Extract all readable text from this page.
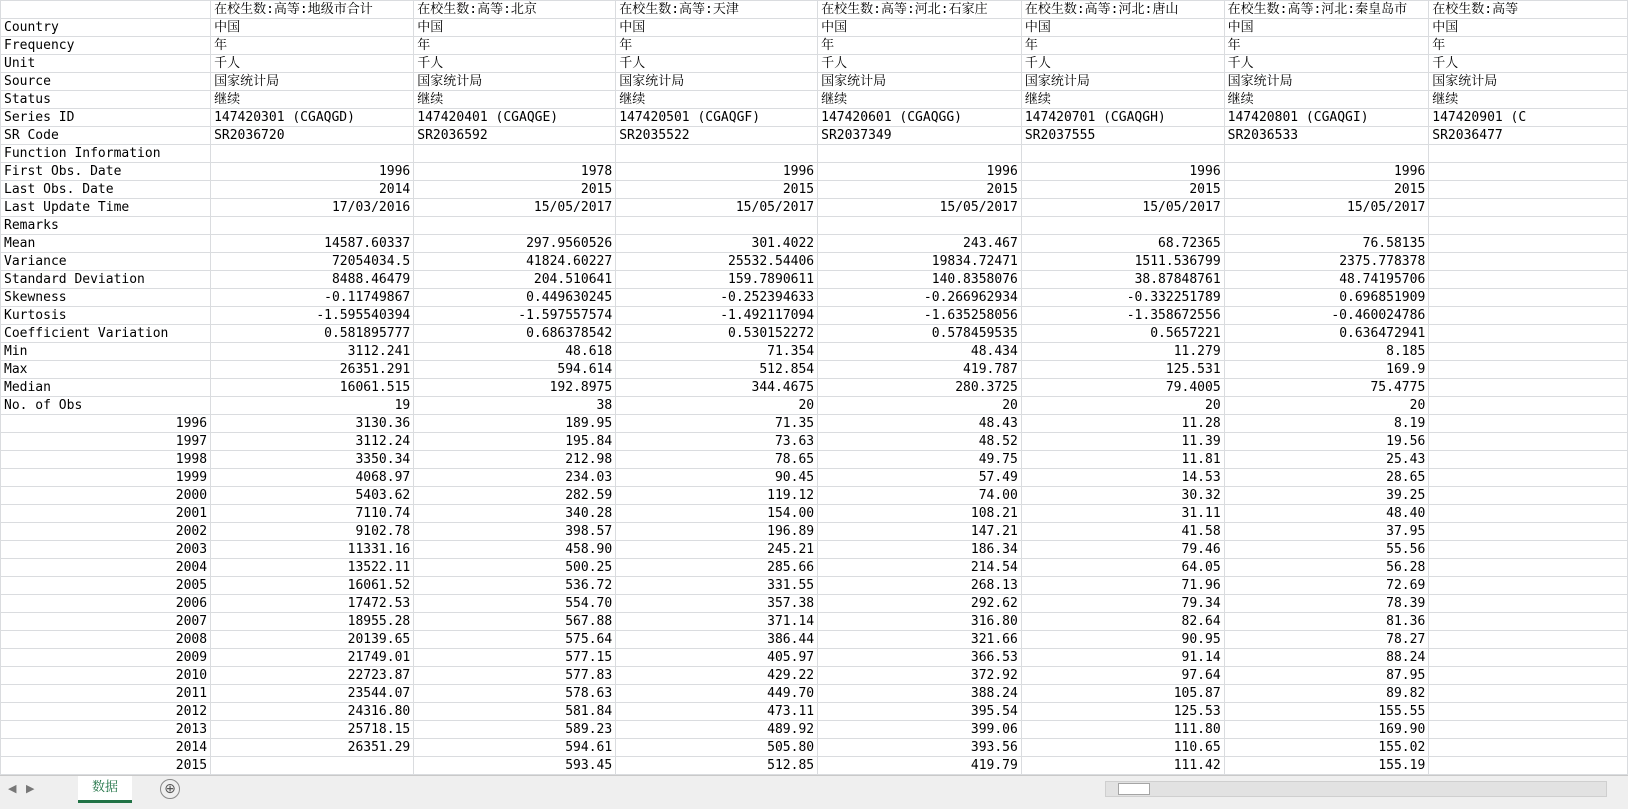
	在校生数:高等:地级市合计	在校生数:高等:北京	在校生数:高等:天津	在校生数:高等:河北:石家庄	在校生数:高等:河北:唐山	在校生数:高等:河北:秦皇岛市	在校生数:高等
Country	中国	中国	中国	中国	中国	中国	中国
Frequency	年	年	年	年	年	年	年
Unit	千人	千人	千人	千人	千人	千人	千人
Source	国家统计局	国家统计局	国家统计局	国家统计局	国家统计局	国家统计局	国家统计局
Status	继续	继续	继续	继续	继续	继续	继续
Series ID	147420301 (CGAQGD)	147420401 (CGAQGE)	147420501 (CGAQGF)	147420601 (CGAQGG)	147420701 (CGAQGH)	147420801 (CGAQGI)	147420901 (C
SR Code	SR2036720	SR2036592	SR2035522	SR2037349	SR2037555	SR2036533	SR2036477
Function Information							
First Obs. Date	1996	1978	1996	1996	1996	1996	
Last Obs. Date	2014	2015	2015	2015	2015	2015	
Last Update Time	17/03/2016	15/05/2017	15/05/2017	15/05/2017	15/05/2017	15/05/2017	
Remarks							
Mean	14587.60337	297.9560526	301.4022	243.467	68.72365	76.58135	
Variance	72054034.5	41824.60227	25532.54406	19834.72471	1511.536799	2375.778378	
Standard Deviation	8488.46479	204.510641	159.7890611	140.8358076	38.87848761	48.74195706	
Skewness	-0.11749867	0.449630245	-0.252394633	-0.266962934	-0.332251789	0.696851909	
Kurtosis	-1.595540394	-1.597557574	-1.492117094	-1.635258056	-1.358672556	-0.460024786	
Coefficient Variation	0.581895777	0.686378542	0.530152272	0.578459535	0.5657221	0.636472941	
Min	3112.241	48.618	71.354	48.434	11.279	8.185	
Max	26351.291	594.614	512.854	419.787	125.531	169.9	
Median	16061.515	192.8975	344.4675	280.3725	79.4005	75.4775	
No. of Obs	19	38	20	20	20	20	
1996	3130.36	189.95	71.35	48.43	11.28	8.19	
1997	3112.24	195.84	73.63	48.52	11.39	19.56	
1998	3350.34	212.98	78.65	49.75	11.81	25.43	
1999	4068.97	234.03	90.45	57.49	14.53	28.65	
2000	5403.62	282.59	119.12	74.00	30.32	39.25	
2001	7110.74	340.28	154.00	108.21	31.11	48.40	
2002	9102.78	398.57	196.89	147.21	41.58	37.95	
2003	11331.16	458.90	245.21	186.34	79.46	55.56	
2004	13522.11	500.25	285.66	214.54	64.05	56.28	
2005	16061.52	536.72	331.55	268.13	71.96	72.69	
2006	17472.53	554.70	357.38	292.62	79.34	78.39	
2007	18955.28	567.88	371.14	316.80	82.64	81.36	
2008	20139.65	575.64	386.44	321.66	90.95	78.27	
2009	21749.01	577.15	405.97	366.53	91.14	88.24	
2010	22723.87	577.83	429.22	372.92	97.64	87.95	
2011	23544.07	578.63	449.70	388.24	105.87	89.82	
2012	24316.80	581.84	473.11	395.54	125.53	155.55	
2013	25718.15	589.23	489.92	399.06	111.80	169.90	
2014	26351.29	594.61	505.80	393.56	110.65	155.02	
2015		593.45	512.85	419.79	111.42	155.19	
◀ ▶	数据	⊕
